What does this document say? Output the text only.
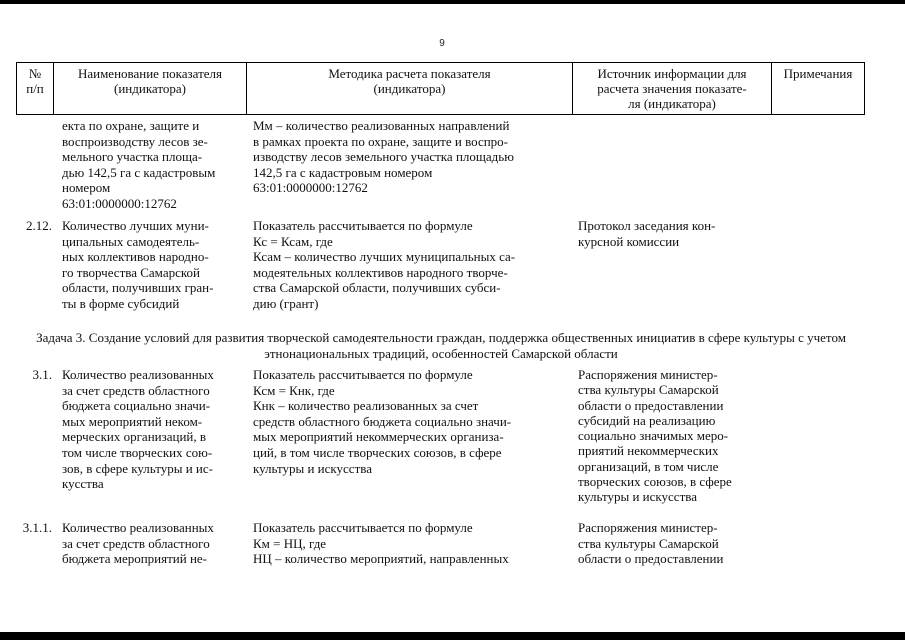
9
№
п/п
Наименование показателя
(индикатора)
Методика расчета показателя
(индикатора)
Источник информации для
расчета значения показате-
ля (индикатора)
Примечания
екта по охране, защите и
воспроизводству лесов зе-
мельного участка площа-
дью 142,5 га с кадастровым
номером
63:01:0000000:12762
Мм – количество реализованных направлений
в рамках проекта по охране, защите и воспро-
изводству лесов земельного участка площадью
142,5 га с кадастровым номером
63:01:0000000:12762
2.12. Количество лучших муни-
ципальных самодеятель-
ных коллективов народно-
го творчества Самарской
области, получивших гран-
ты в форме субсидий
Показатель рассчитывается по формуле
Кс = Ксам, где
Ксам – количество лучших муниципальных са-
модеятельных коллективов народного творче-
ства Самарской области, получивших субси-
дию (грант)
Протокол заседания кон-
курсной комиссии
Задача 3. Создание условий для развития творческой самодеятельности граждан, поддержка общественных инициатив в сфере культуры с учетом этнонациональных традиций, особенностей Самарской области
3.1. Количество реализованных
за счет средств областного
бюджета социально значи-
мых мероприятий неком-
мерческих организаций, в
том числе творческих сою-
зов, в сфере культуры и ис-
кусства
Показатель рассчитывается по формуле
Ксм = Кнк, где
Кнк – количество реализованных за счет
средств областного бюджета социально значи-
мых мероприятий некоммерческих организа-
ций, в том числе творческих союзов, в сфере
культуры и искусства
Распоряжения министер-
ства культуры Самарской
области о предоставлении
субсидий на реализацию
социально значимых меро-
приятий некоммерческих
организаций, в том числе
творческих союзов, в сфере
культуры и искусства
3.1.1. Количество реализованных
за счет средств областного
бюджета мероприятий не-
Показатель рассчитывается по формуле
Км = НЦ, где
НЦ – количество мероприятий, направленных
Распоряжения министер-
ства культуры Самарской
области о предоставлении
